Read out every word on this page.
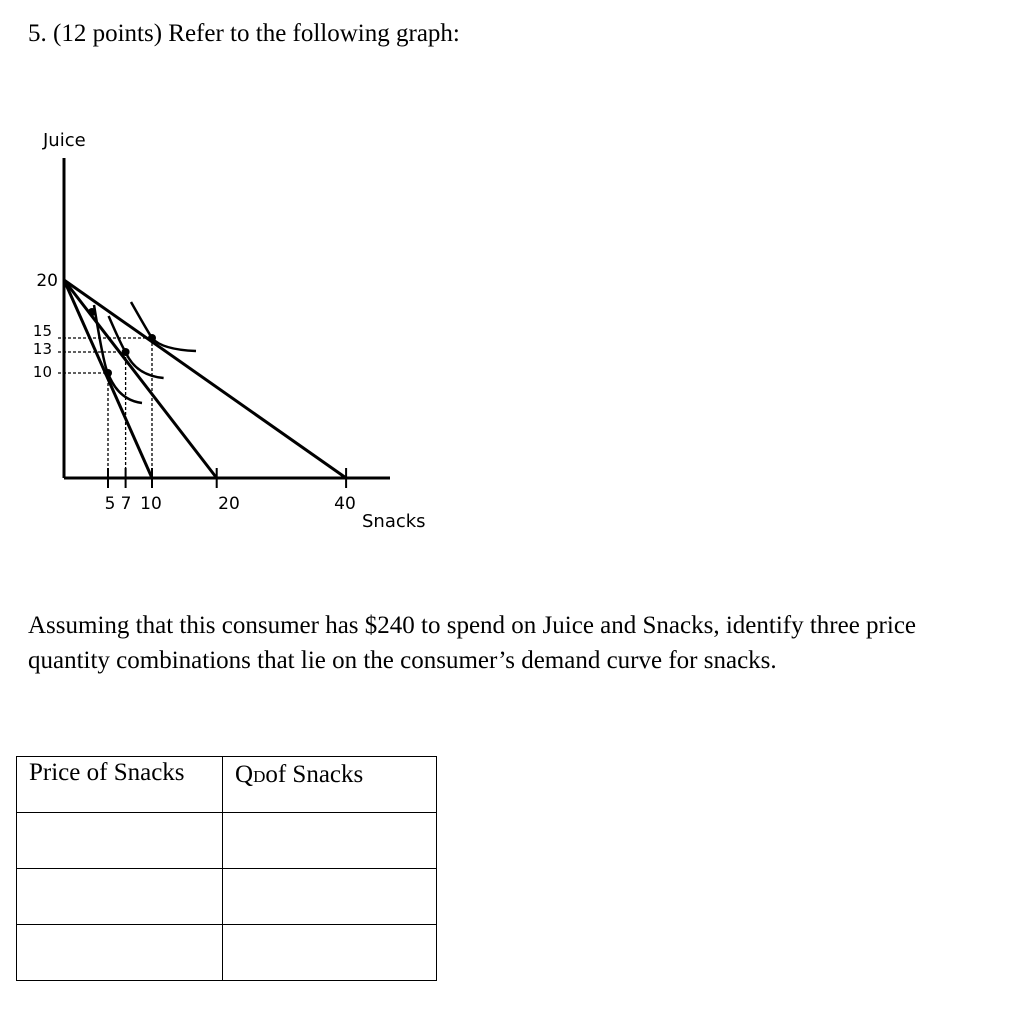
5. (12 points) Refer to the following graph:

5 7 10	20	40
10
13
15
20
Juice
Snacks

Assuming that this consumer has $240 to spend on Juice and Snacks, identify three price quantity combinations that lie on the consumer’s demand curve for snacks.

Price of Snacks	QDof Snacks
